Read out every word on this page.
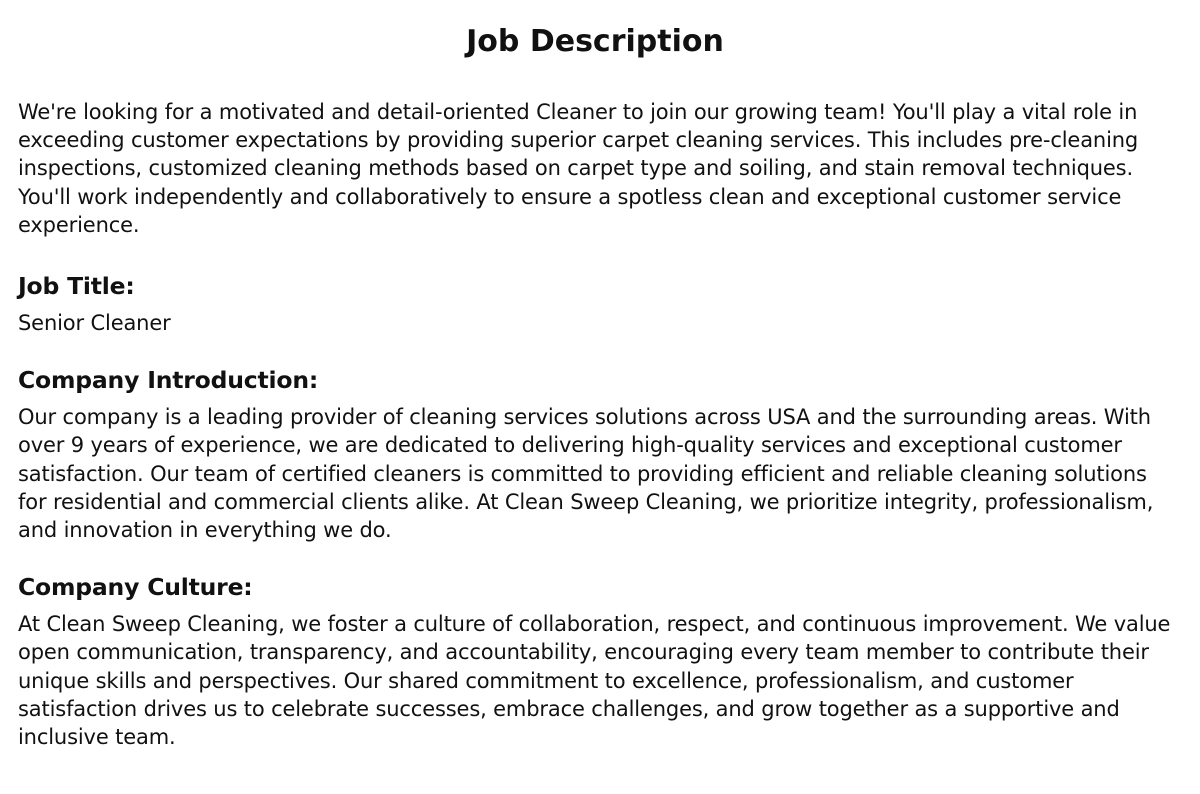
Job Description

We're looking for a motivated and detail-oriented Cleaner to join our growing team! You'll play a vital role in exceeding customer expectations by providing superior carpet cleaning services. This includes pre-cleaning inspections, customized cleaning methods based on carpet type and soiling, and stain removal techniques. You'll work independently and collaboratively to ensure a spotless clean and exceptional customer service experience.

Job Title:

Senior Cleaner

Company Introduction:

Our company is a leading provider of cleaning services solutions across USA and the surrounding areas. With over 9 years of experience, we are dedicated to delivering high-quality services and exceptional customer satisfaction. Our team of certified cleaners is committed to providing efficient and reliable cleaning solutions for residential and commercial clients alike. At Clean Sweep Cleaning, we prioritize integrity, professionalism, and innovation in everything we do.

Company Culture:

At Clean Sweep Cleaning, we foster a culture of collaboration, respect, and continuous improvement. We value open communication, transparency, and accountability, encouraging every team member to contribute their unique skills and perspectives. Our shared commitment to excellence, professionalism, and customer satisfaction drives us to celebrate successes, embrace challenges, and grow together as a supportive and inclusive team.
